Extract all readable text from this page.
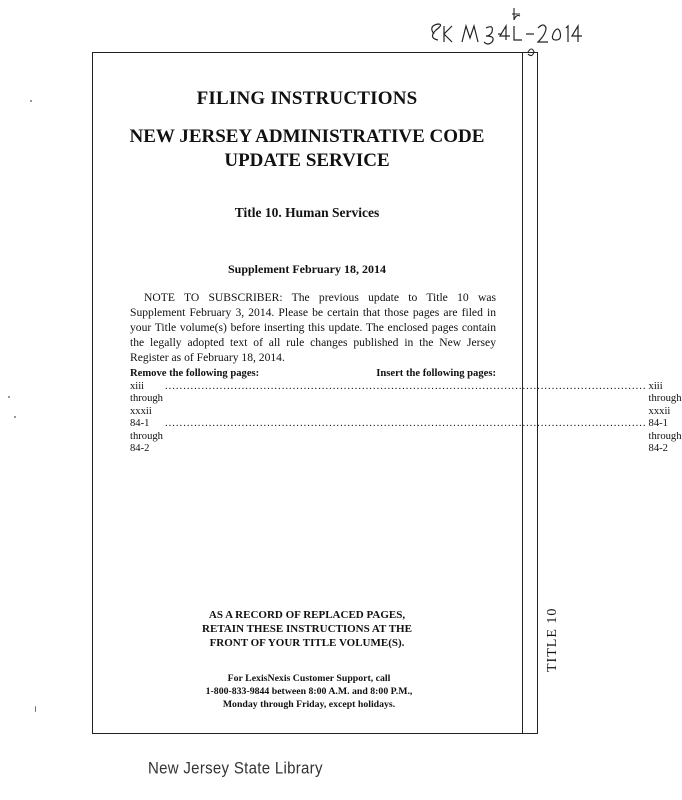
FILING INSTRUCTIONS
NEW JERSEY ADMINISTRATIVE CODE
UPDATE SERVICE
Title 10. Human Services
Supplement February 18, 2014
NOTE TO SUBSCRIBER: The previous update to Title 10 was Supplement February 3, 2014. Please be certain that those pages are filed in your Title volume(s) before inserting this update. The enclosed pages contain the legally adopted text of all rule changes published in the New Jersey Register as of February 18, 2014.
Remove the following pages:	Insert the following pages:
xiii through xxxii
.................................................................................................................................... xiii through xxxii
84-1 through 84-2
.................................................................................................................................... 84-1 through 84-2
AS A RECORD OF REPLACED PAGES,
RETAIN THESE INSTRUCTIONS AT THE
FRONT OF YOUR TITLE VOLUME(S).
For LexisNexis Customer Support, call
1-800-833-9844 between 8:00 A.M. and 8:00 P.M.,
Monday through Friday, except holidays.
TITLE 10
New Jersey State Library
